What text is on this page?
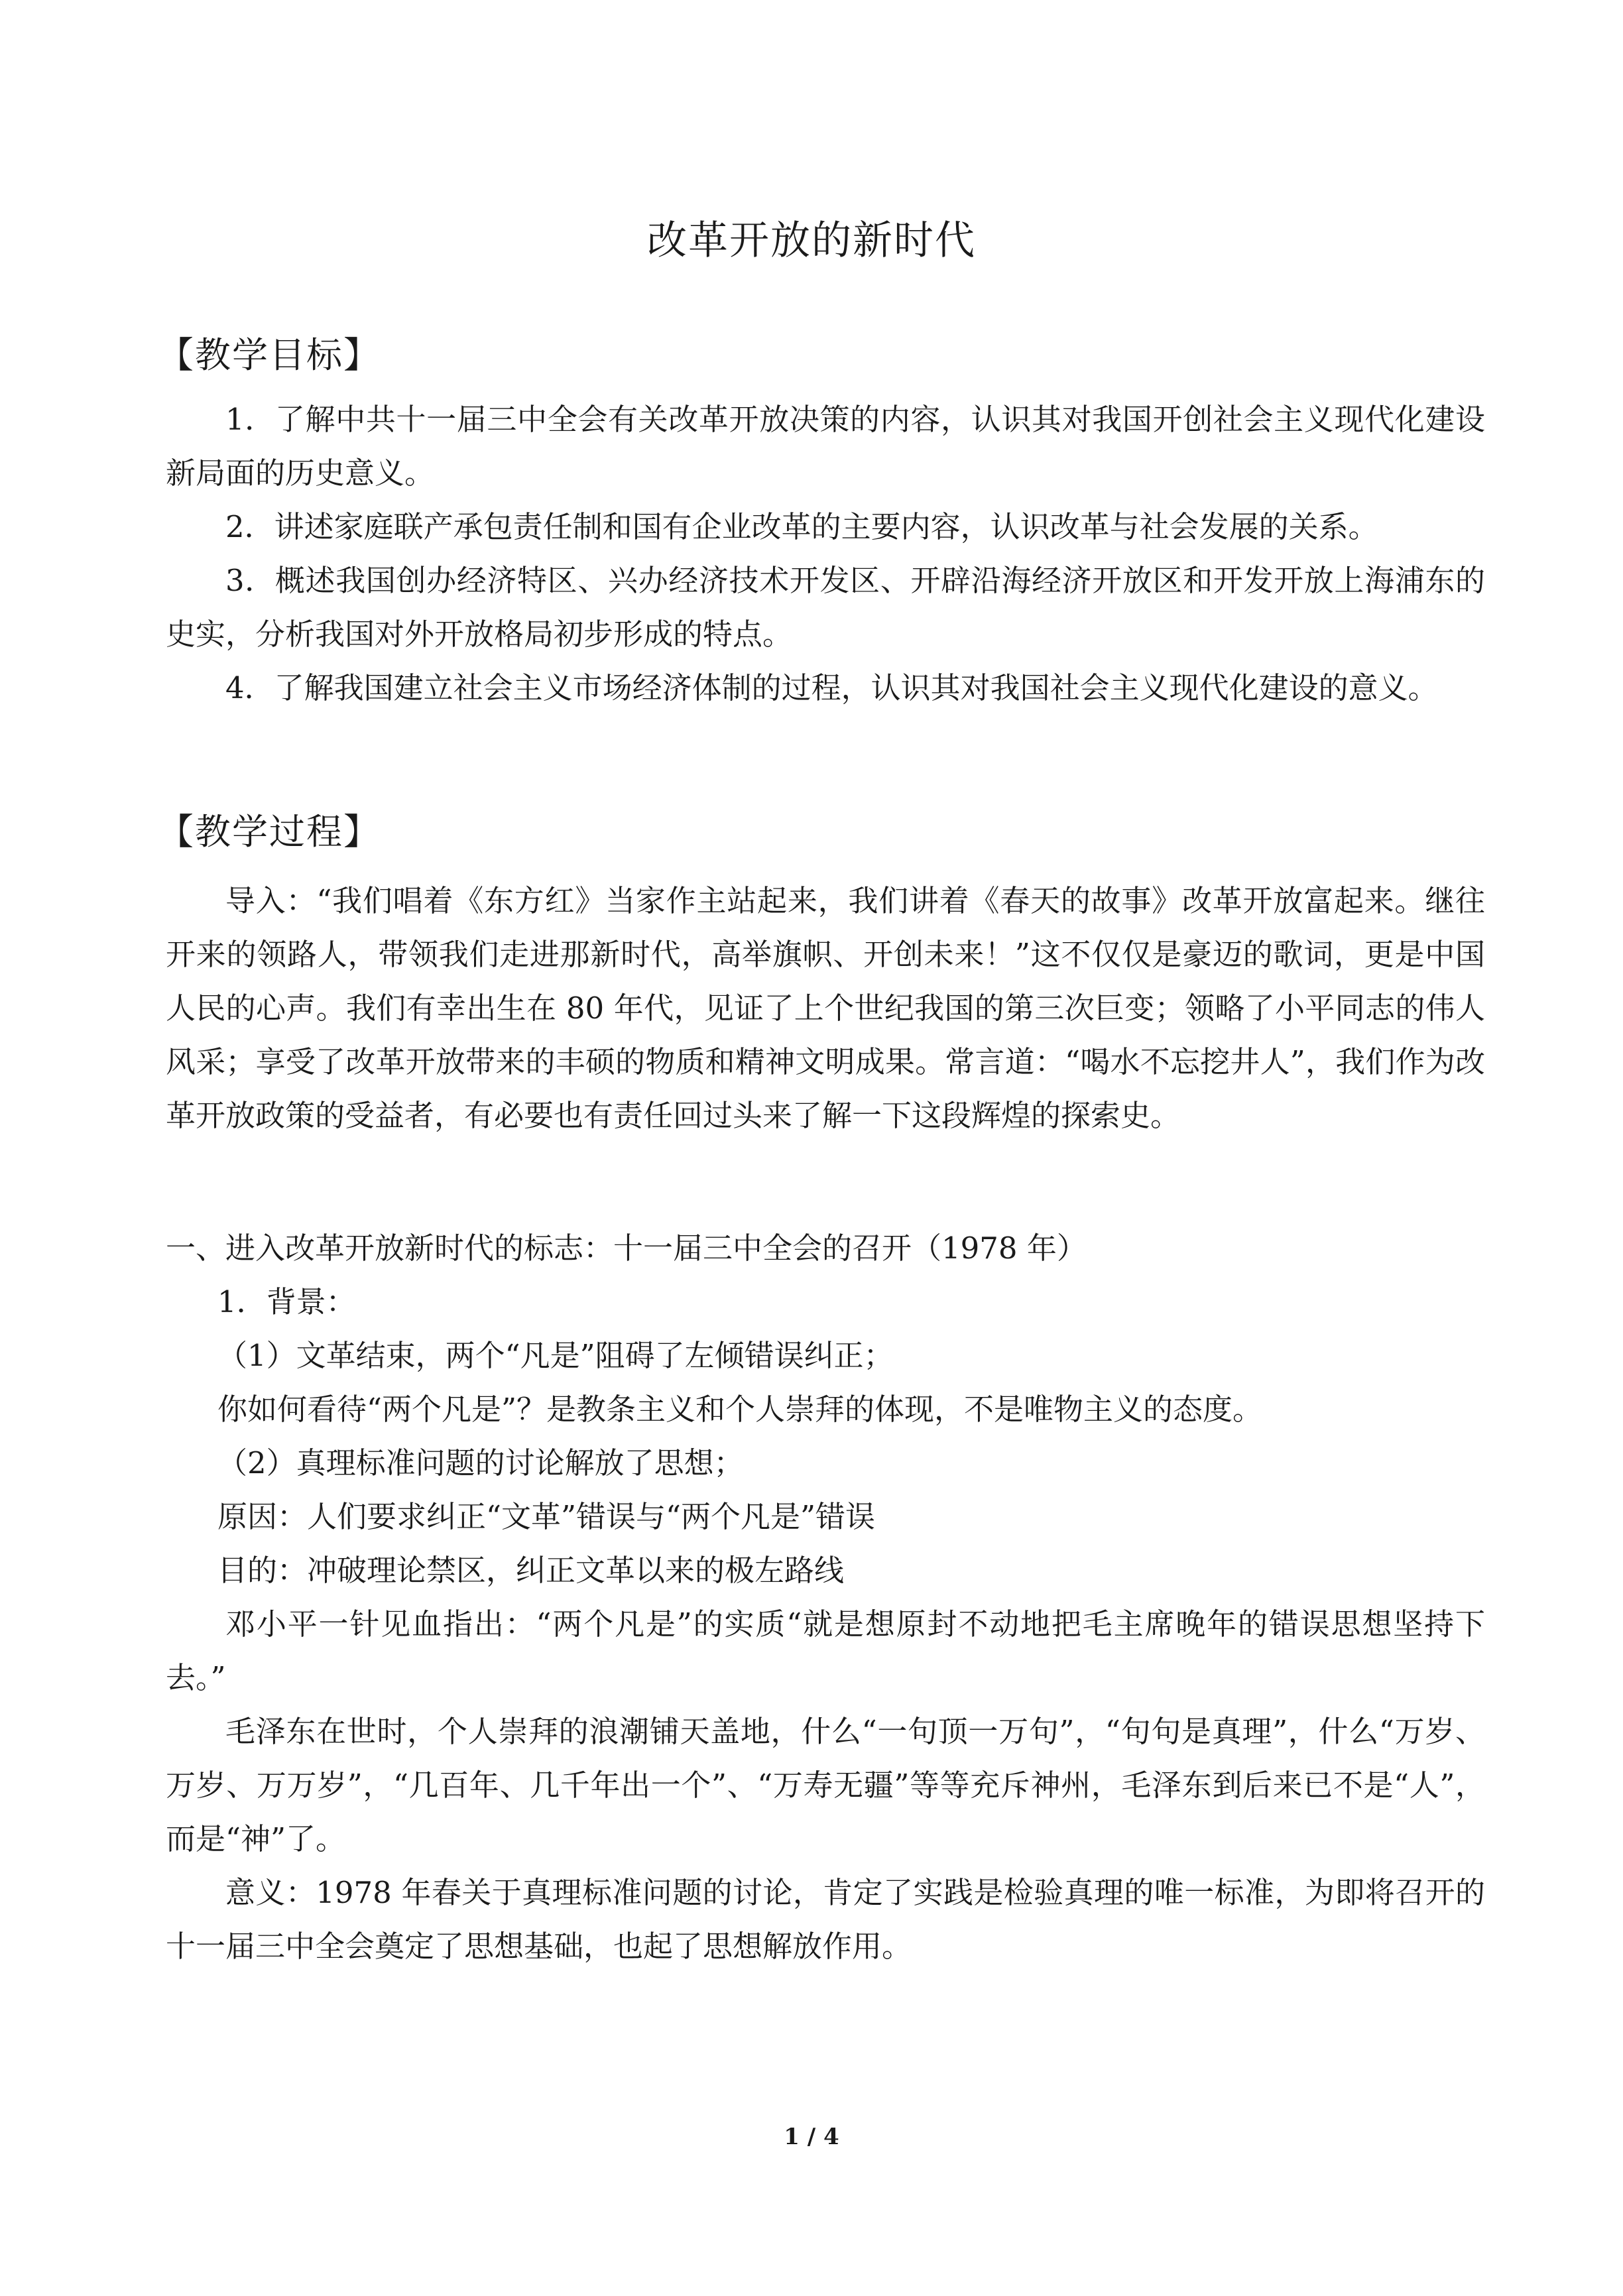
改革开放的新时代
【教学目标】

1．了解中共十一届三中全会有关改革开放决策的内容，认识其对我国开创社会主义现代化建设新局面的历史意义。

2．讲述家庭联产承包责任制和国有企业改革的主要内容，认识改革与社会发展的关系。

3．概述我国创办经济特区、兴办经济技术开发区、开辟沿海经济开放区和开发开放上海浦东的史实，分析我国对外开放格局初步形成的特点。

4．了解我国建立社会主义市场经济体制的过程，认识其对我国社会主义现代化建设的意义。

【教学过程】

导入：“我们唱着《东方红》当家作主站起来，我们讲着《春天的故事》改革开放富起来。继往开来的领路人，带领我们走进那新时代，高举旗帜、开创未来！”这不仅仅是豪迈的歌词，更是中国人民的心声。我们有幸出生在 80 年代，见证了上个世纪我国的第三次巨变；领略了小平同志的伟人风采；享受了改革开放带来的丰硕的物质和精神文明成果。常言道：“喝水不忘挖井人”，我们作为改革开放政策的受益者，有必要也有责任回过头来了解一下这段辉煌的探索史。

一、进入改革开放新时代的标志：十一届三中全会的召开（1978 年）
1．背景：
（1）文革结束，两个“凡是”阻碍了左倾错误纠正；
你如何看待“两个凡是”？是教条主义和个人崇拜的体现，不是唯物主义的态度。
（2）真理标准问题的讨论解放了思想；
原因：人们要求纠正“文革”错误与“两个凡是”错误
目的：冲破理论禁区，纠正文革以来的极左路线

邓小平一针见血指出：“两个凡是”的实质“就是想原封不动地把毛主席晚年的错误思想坚持下去。”

毛泽东在世时，个人崇拜的浪潮铺天盖地，什么“一句顶一万句”，“句句是真理”，什么“万岁、万岁、万万岁”，“几百年、几千年出一个”、“万寿无疆”等等充斥神州，毛泽东到后来已不是“人”，而是“神”了。

意义：1978 年春关于真理标准问题的讨论，肯定了实践是检验真理的唯一标准，为即将召开的十一届三中全会奠定了思想基础，也起了思想解放作用。

1 / 4
